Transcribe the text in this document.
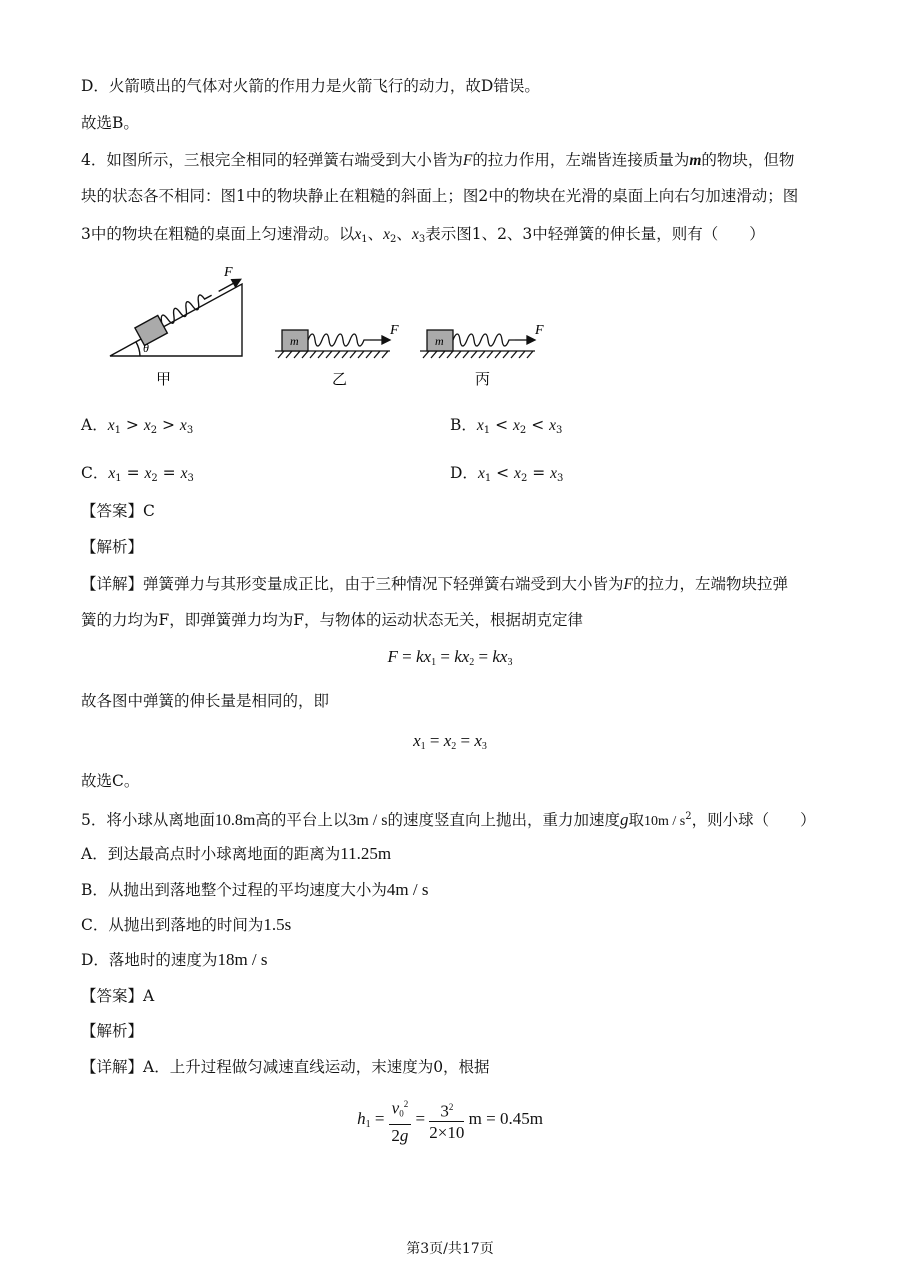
D．火箭喷出的气体对火箭的作用力是火箭飞行的动力，故D错误。
故选B。
4．如图所示，三根完全相同的轻弹簧右端受到大小皆为F的拉力作用，左端皆连接质量为m的物块，但物
块的状态各不相同：图1中的物块静止在粗糙的斜面上；图2中的物块在光滑的桌面上向右匀加速滑动；图
3中的物块在粗糙的桌面上匀速滑动。以$x_1$、$x_2$、$x_3$表示图1、2、3中轻弹簧的伸长量，则有（　　）
F
θ	m
F
m
F
甲	乙	丙
A．$x_1 > x_2 > x_3$	B．$x_1 < x_2 < x_3$
C．$x_1 = x_2 = x_3$	D．$x_1 < x_2 = x_3$
【答案】C
【解析】
【详解】弹簧弹力与其形变量成正比，由于三种情况下轻弹簧右端受到大小皆为F的拉力，左端物块拉弹
簧的力均为F，即弹簧弹力均为F，与物体的运动状态无关，根据胡克定律
$F = kx_1 = kx_2 = kx_3$
故各图中弹簧的伸长量是相同的，即
$x_1 = x_2 = x_3$
故选C。
5．将小球从离地面10.8m高的平台上以3m / s的速度竖直向上抛出，重力加速度g取$10m / s^2$，则小球（　　）
A．到达最高点时小球离地面的距离为11.25m
B．从抛出到落地整个过程的平均速度大小为4m / s
C．从抛出到落地的时间为1.5s
D．落地时的速度为18m / s
【答案】A
【解析】
【详解】A．上升过程做匀减速直线运动，末速度为0，根据
$h_1 = \frac{v_0^2}{2g} = \frac{3^2}{2\times 10}$ m = 0.45m
第3页/共17页
